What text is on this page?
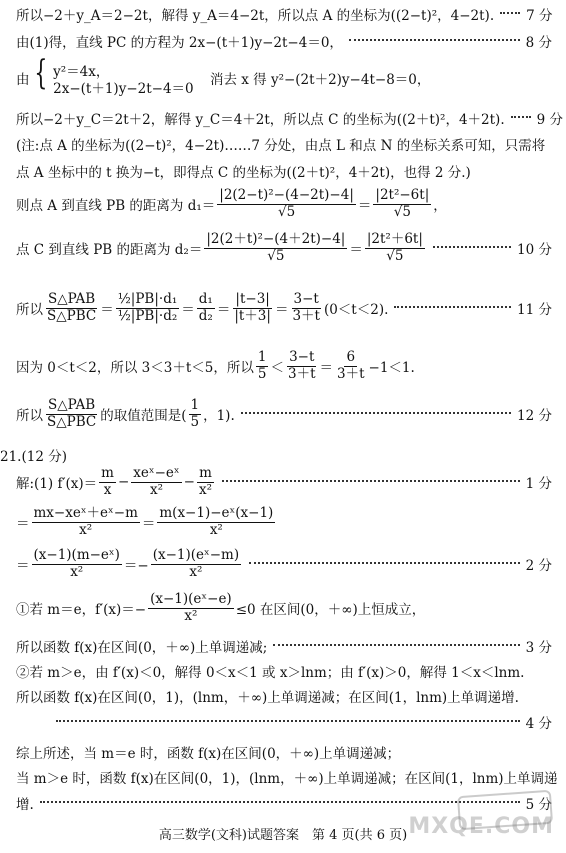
所以−2＋y_A＝2−2t，解得 y_A＝4−2t，所以点 A 的坐标为((2−t)²，4−2t). 7 分
由(1)得，直线 PC 的方程为 2x−(t＋1)y−2t−4＝0，	8 分
由 { y²＝4x，
2x−(t＋1)y−2t−4＝0
消去 x 得 y²−(2t＋2)y−4t−8＝0，
所以−2＋y_C＝2t＋2，解得 y_C＝4＋2t，所以点 C 的坐标为((2＋t)²，4＋2t). 9 分
(注:点 A 的坐标为((2−t)²，4−2t)……7 分处，由点 L 和点 N 的坐标关系可知，只需将
点 A 坐标中的 t 换为−t，即得点 C 的坐标为((2＋t)²，4＋2t)，也得 2 分.)
则点 A 到直线 PB 的距离为 $d_1= \frac{\text{|2(2−t)²−(4−2t)−4|}}{√5} = \frac{\text{|2t²−6t|}}{√5}$ ，
点 C 到直线 PB 的距离为 $d_2= \frac{\text{|2(2＋t)²−(4＋2t)−4|}}{√5} = \frac{\text{|2t²＋6t|}}{√5}$	10 分
所以 $\frac{\text{S△PAB}}{\text{S△PBC}} = \frac{\text{½|PB|·d₁}}{\text{½|PB|·d₂}} = \frac{\text{d₁}}{\text{d₂}} = \frac{|t-3|}{|t+3|} = \frac{3-t}{3+t} (0<t<2)$.	11 分
因为 0＜t＜2，所以 3＜3＋t＜5，所以 $\frac{1}{5} < \frac{3-t}{3+t} = \frac{6}{3+t} -1<1$.
所以 $\frac{\text{S△PAB}}{\text{S△PBC}}$ 的取值范围是( $\frac{1}{5}$ ，1).	12 分
21.(12 分)
解:(1) $f'(x)= \frac{m}{x} - \frac{\text{xeˣ−eˣ}}{\text{x²}} - \frac{m}{\text{x²}}$	1 分
＝ $\frac{\text{mx−xeˣ＋eˣ−m}}{\text{x²}} = \frac{\text{m(x−1)−eˣ(x−1)}}{\text{x²}}$
＝ $\frac{\text{(x−1)(m−eˣ)}}{\text{x²}} =- \frac{\text{(x−1)(eˣ−m)}}{\text{x²}}$	2 分
①若 m＝e，$f'(x)=- \frac{\text{(x−1)(eˣ−e)}}{\text{x²}} \le 0$ 在区间(0，＋∞)上恒成立，
所以函数 f(x)在区间(0，＋∞)上单调递减;	3 分
②若 m＞e，由 f′(x)＜0，解得 0＜x＜1 或 x＞lnm；由 f′(x)＞0，解得 1＜x＜lnm.
所以函数 f(x)在区间(0，1)，(lnm，＋∞)上单调递减；在区间(1，lnm)上单调递增.
4 分
综上所述，当 m＝e 时，函数 f(x)在区间(0，＋∞)上单调递减；
当 m＞e 时，函数 f(x)在区间(0，1)，(lnm，＋∞)上单调递减；在区间(1，lnm)上单调递
增.	5 分
MXQE.COM
高三数学(文科)试题答案　第 4 页(共 6 页)
